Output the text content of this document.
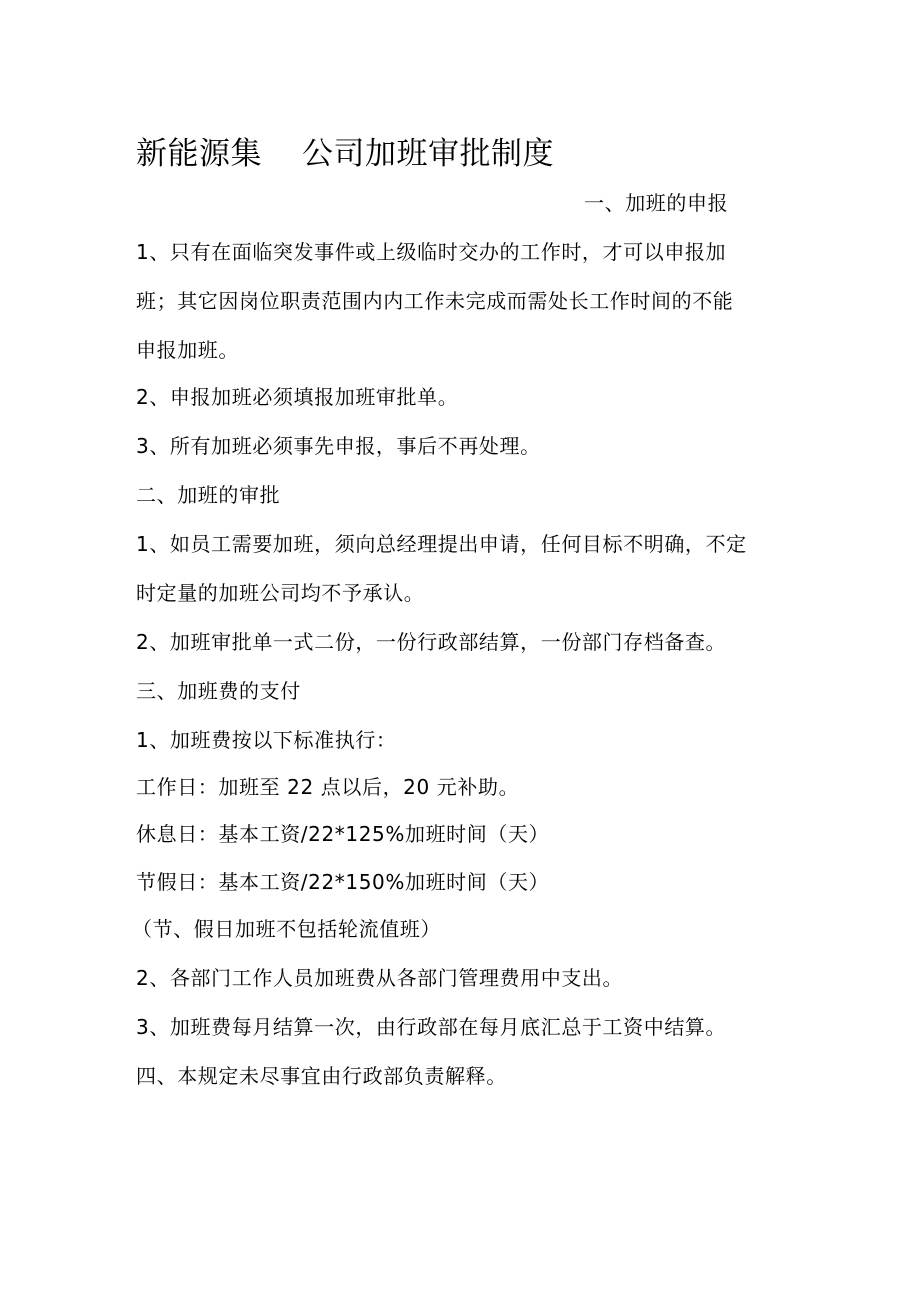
新能源集 公司加班审批制度
一、加班的申报
1、只有在面临突发事件或上级临时交办的工作时，才可以申报加
班；其它因岗位职责范围内内工作未完成而需处长工作时间的不能
申报加班。
2、申报加班必须填报加班审批单。
3、所有加班必须事先申报，事后不再处理。
二、加班的审批
1、如员工需要加班，须向总经理提出申请，任何目标不明确，不定
时定量的加班公司均不予承认。
2、加班审批单一式二份，一份行政部结算，一份部门存档备查。
三、加班费的支付
1、加班费按以下标准执行：
工作日：加班至 22 点以后，20 元补助。
休息日：基本工资/22*125%加班时间（天）
节假日：基本工资/22*150%加班时间（天）
（节、假日加班不包括轮流值班）
2、各部门工作人员加班费从各部门管理费用中支出。
3、加班费每月结算一次，由行政部在每月底汇总于工资中结算。
四、本规定未尽事宜由行政部负责解释。
